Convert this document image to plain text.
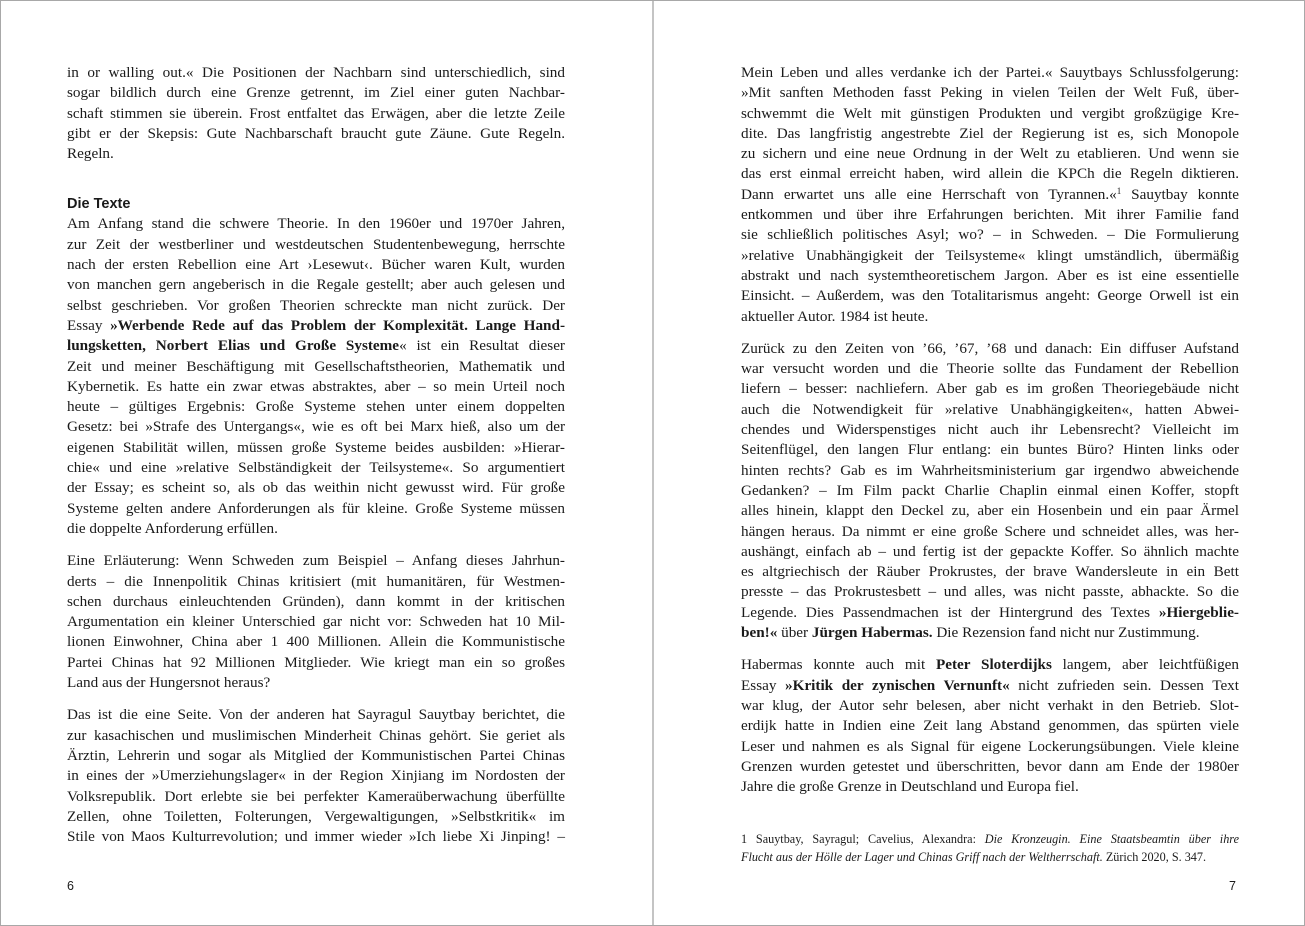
in or walling out.« Die Positionen der Nachbarn sind unterschiedlich, sind
sogar bildlich durch eine Grenze getrennt, im Ziel einer guten Nachbar-
schaft stimmen sie überein. Frost entfaltet das Erwägen, aber die letzte Zeile
gibt er der Skepsis: Gute Nachbarschaft braucht gute Zäune. Gute Regeln.
Regeln.
Die Texte
Am Anfang stand die schwere Theorie. In den 1960er und 1970er Jahren,
zur Zeit der westberliner und westdeutschen Studentenbewegung, herrschte
nach der ersten Rebellion eine Art ›Lesewut‹. Bücher waren Kult, wurden
von manchen gern angeberisch in die Regale gestellt; aber auch gelesen und
selbst geschrieben. Vor großen Theorien schreckte man nicht zurück. Der
Essay »Werbende Rede auf das Problem der Komplexität. Lange Hand-
lungsketten, Norbert Elias und Große Systeme« ist ein Resultat dieser
Zeit und meiner Beschäftigung mit Gesellschaftstheorien, Mathematik und
Kybernetik. Es hatte ein zwar etwas abstraktes, aber – so mein Urteil noch
heute – gültiges Ergebnis: Große Systeme stehen unter einem doppelten
Gesetz: bei »Strafe des Untergangs«, wie es oft bei Marx hieß, also um der
eigenen Stabilität willen, müssen große Systeme beides ausbilden: »Hierar-
chie« und eine »relative Selbständigkeit der Teilsysteme«. So argumentiert
der Essay; es scheint so, als ob das weithin nicht gewusst wird. Für große
Systeme gelten andere Anforderungen als für kleine. Große Systeme müssen
die doppelte Anforderung erfüllen.
Eine Erläuterung: Wenn Schweden zum Beispiel – Anfang dieses Jahrhun-
derts – die Innenpolitik Chinas kritisiert (mit humanitären, für Westmen-
schen durchaus einleuchtenden Gründen), dann kommt in der kritischen
Argumentation ein kleiner Unterschied gar nicht vor: Schweden hat 10 Mil-
lionen Einwohner, China aber 1 400 Millionen. Allein die Kommunistische
Partei Chinas hat 92 Millionen Mitglieder. Wie kriegt man ein so großes
Land aus der Hungersnot heraus?
Das ist die eine Seite. Von der anderen hat Sayragul Sauytbay berichtet, die
zur kasachischen und muslimischen Minderheit Chinas gehört. Sie geriet als
Ärztin, Lehrerin und sogar als Mitglied der Kommunistischen Partei Chinas
in eines der »Umerziehungslager« in der Region Xinjiang im Nordosten der
Volksrepublik. Dort erlebte sie bei perfekter Kameraüberwachung überfüllte
Zellen, ohne Toiletten, Folterungen, Vergewaltigungen, »Selbstkritik« im
Stile von Maos Kulturrevolution; und immer wieder »Ich liebe Xi Jinping! –
6
Mein Leben und alles verdanke ich der Partei.« Sauytbays Schlussfolgerung:
»Mit sanften Methoden fasst Peking in vielen Teilen der Welt Fuß, über-
schwemmt die Welt mit günstigen Produkten und vergibt großzügige Kre-
dite. Das langfristig angestrebte Ziel der Regierung ist es, sich Monopole
zu sichern und eine neue Ordnung in der Welt zu etablieren. Und wenn sie
das erst einmal erreicht haben, wird allein die KPCh die Regeln diktieren.
Dann erwartet uns alle eine Herrschaft von Tyrannen.«$^1$ Sauytbay konnte
entkommen und über ihre Erfahrungen berichten. Mit ihrer Familie fand
sie schließlich politisches Asyl; wo? – in Schweden. – Die Formulierung
»relative Unabhängigkeit der Teilsysteme« klingt umständlich, übermäßig
abstrakt und nach systemtheoretischem Jargon. Aber es ist eine essentielle
Einsicht. – Außerdem, was den Totalitarismus angeht: George Orwell ist ein
aktueller Autor. 1984 ist heute.
Zurück zu den Zeiten von ’66, ’67, ’68 und danach: Ein diffuser Aufstand
war versucht worden und die Theorie sollte das Fundament der Rebellion
liefern – besser: nachliefern. Aber gab es im großen Theoriegebäude nicht
auch die Notwendigkeit für »relative Unabhängigkeiten«, hatten Abwei-
chendes und Widerspenstiges nicht auch ihr Lebensrecht? Vielleicht im
Seitenflügel, den langen Flur entlang: ein buntes Büro? Hinten links oder
hinten rechts? Gab es im Wahrheitsministerium gar irgendwo abweichende
Gedanken? – Im Film packt Charlie Chaplin einmal einen Koffer, stopft
alles hinein, klappt den Deckel zu, aber ein Hosenbein und ein paar Ärmel
hängen heraus. Da nimmt er eine große Schere und schneidet alles, was her-
aushängt, einfach ab – und fertig ist der gepackte Koffer. So ähnlich machte
es altgriechisch der Räuber Prokrustes, der brave Wandersleute in ein Bett
presste – das Prokrustesbett – und alles, was nicht passte, abhackte. So die
Legende. Dies Passendmachen ist der Hintergrund des Textes »Hiergeblie-
ben!« über Jürgen Habermas. Die Rezension fand nicht nur Zustimmung.
Habermas konnte auch mit Peter Sloterdijks langem, aber leichtfüßigen
Essay »Kritik der zynischen Vernunft« nicht zufrieden sein. Dessen Text
war klug, der Autor sehr belesen, aber nicht verhakt in den Betrieb. Slot-
erdijk hatte in Indien eine Zeit lang Abstand genommen, das spürten viele
Leser und nahmen es als Signal für eigene Lockerungsübungen. Viele kleine
Grenzen wurden getestet und überschritten, bevor dann am Ende der 1980er
Jahre die große Grenze in Deutschland und Europa fiel.
1 Sauytbay, Sayragul; Cavelius, Alexandra: Die Kronzeugin. Eine Staatsbeamtin über ihre
Flucht aus der Hölle der Lager und Chinas Griff nach der Weltherrschaft. Zürich 2020, S. 347.
7
